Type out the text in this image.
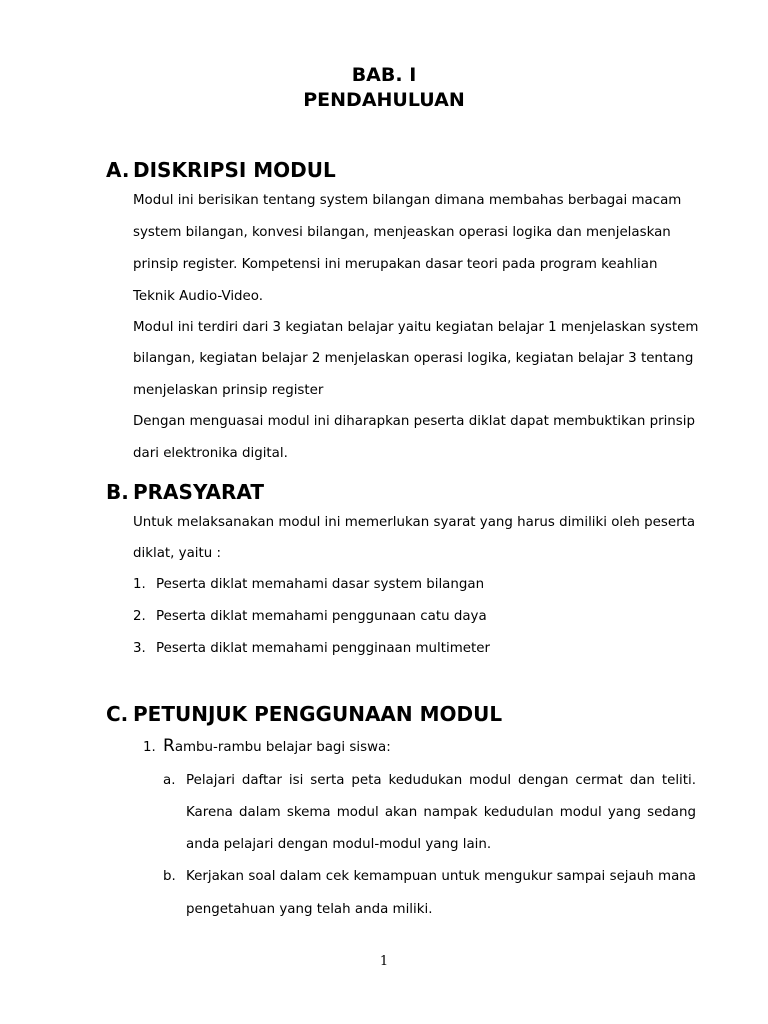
BAB. I
PENDAHULUAN
A. DISKRIPSI MODUL

Modul ini berisikan tentang system bilangan dimana membahas berbagai macam

system bilangan, konvesi bilangan, menjeaskan operasi logika dan menjelaskan

prinsip register. Kompetensi ini merupakan dasar teori pada program keahlian

Teknik Audio-Video.

Modul ini terdiri dari 3 kegiatan belajar yaitu kegiatan belajar 1 menjelaskan system

bilangan, kegiatan belajar 2 menjelaskan operasi logika, kegiatan belajar 3 tentang

menjelaskan prinsip register

Dengan menguasai modul ini diharapkan peserta diklat dapat membuktikan prinsip

dari elektronika digital.

B. PRASYARAT

Untuk melaksanakan modul ini memerlukan syarat yang harus dimiliki oleh peserta

diklat, yaitu :

1. Peserta diklat memahami dasar system bilangan

2. Peserta diklat memahami penggunaan catu daya

3. Peserta diklat memahami pengginaan multimeter

C. PETUNJUK PENGGUNAAN MODUL
1. Rambu-rambu belajar bagi siswa:

a. Pelajari daftar isi serta peta kedudukan modul dengan cermat dan teliti.

Karena dalam skema modul akan nampak kedudulan modul yang sedang

anda pelajari dengan modul-modul yang lain.

b. Kerjakan soal dalam cek kemampuan untuk mengukur sampai sejauh mana

pengetahuan yang telah anda miliki.

1
